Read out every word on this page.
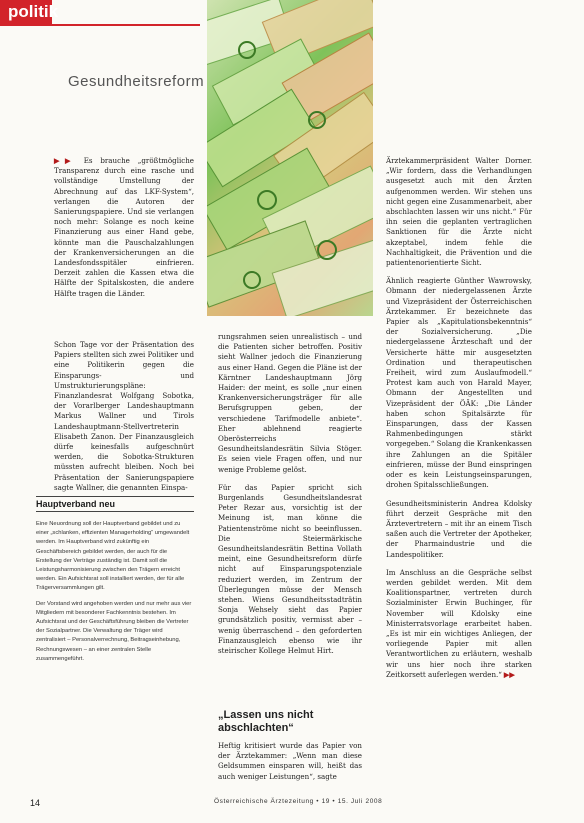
politik
Gesundheitsreform

▶▶ Es brauche „größtmögliche Transparenz durch eine rasche und vollständige Umstellung der Abrechnung auf das LKF-System“, verlangen die Autoren der Sanierungspapiere. Und sie verlangen noch mehr: Solange es noch keine Finanzierung aus einer Hand gebe, könnte man die Pauschalzahlungen der Krankenversicherungen an die Landesfondsspitäler einfrieren. Derzeit zahlen die Kassen etwa die Hälfte der Spitalskosten, die andere Hälfte tragen die Länder.

Schon Tage vor der Präsentation des Papiers stellten sich zwei Politiker und eine Politikerin gegen die Einsparungs- und Umstrukturierungspläne: Finanzlandesrat Wolfgang Sobotka, der Vorarlberger Landeshauptmann Markus Wallner und Tirols Landeshauptmann-Stellvertreterin Elisabeth Zanon. Der Finanzausgleich dürfe keinesfalls aufgeschnürt werden, die Sobotka-Strukturen müssten aufrecht bleiben. Noch bei Präsentation der Sanierungspapiere sagte Wallner, die genannten Einspa-

Hauptverband neu

Eine Neuordnung soll der Hauptverband gebildet und zu einer „schlanken, effizienten Managerholding“ umgewandelt werden. Im Hauptverband wird zukünftig ein Geschäftsbereich gebildet werden, der auch für die Erstellung der Verträge zuständig ist. Damit soll die Leistungsharmonisierung zwischen den Trägern erreicht werden. Ein Aufsichtsrat soll installiert werden, der für alle Trägerversammlungen gilt.

Der Vorstand wird angehoben werden und nur mehr aus vier Mitgliedern mit besonderer Fachkenntnis bestehen. Im Aufsichtsrat und der Geschäftsführung bleiben die Vertreter der Sozialpartner. Die Verwaltung der Träger wird zentralisiert – Personalverrechnung, Beitragseinhebung, Rechnungswesen – an einer zentralen Stelle zusammengeführt.

rungsrahmen seien unrealistisch – und die Patienten sicher betroffen. Positiv sieht Wallner jedoch die Finanzierung aus einer Hand. Gegen die Pläne ist der Kärntner Landeshauptmann Jörg Haider: der meint, es solle „nur einen Krankenversicherungsträger für alle Berufsgruppen geben, der verschiedene Tarifmodelle anbiete“. Eher ablehnend reagierte Oberösterreichs Gesundheitslandesrätin Silvia Stöger. Es seien viele Fragen offen, und nur wenige Probleme gelöst.

Für das Papier spricht sich Burgenlands Gesundheitslandesrat Peter Rezar aus, vorsichtig ist der Meinung ist, man könne die Patientenströme nicht so beeinflussen. Die Steiermärkische Gesundheitslandesrätin Bettina Vollath meint, eine Gesundheitsreform dürfe nicht auf Einsparungspotenziale reduziert werden, im Zentrum der Überlegungen müsse der Mensch stehen. Wiens Gesundheitsstadträtin Sonja Wehsely sieht das Papier grundsätzlich positiv, vermisst aber – wenig überraschend – den geforderten Finanzausgleich ebenso wie ihr steirischer Kollege Helmut Hirt.

„Lassen uns nicht abschlachten“

Heftig kritisiert wurde das Papier von der Ärztekammer: „Wenn man diese Geldsummen einsparen will, heißt das auch weniger Leistungen“, sagte

Ärztekammerpräsident Walter Dorner. „Wir fordern, dass die Verhandlungen ausgesetzt auch mit den Ärzten aufgenommen werden. Wir stehen uns nicht gegen eine Zusammenarbeit, aber abschlachten lassen wir uns nicht.“ Für ihn seien die geplanten vertraglichen Sanktionen für die Ärzte nicht akzeptabel, indem fehle die Nachhaltigkeit, die Prävention und die patientenorientierte Sicht.

Ähnlich reagierte Günther Wawrowsky, Obmann der niedergelassenen Ärzte und Vizepräsident der Österreichischen Ärztekammer. Er bezeichnete das Papier als „Kapitulationsbekenntnis“ der Sozialversicherung. „Die niedergelassene Ärzteschaft und der Versicherte hätte mir ausgesetzten Ordination und therapeutischen Freiheit, wird zum Auslaufmodell.“ Protest kam auch von Harald Mayer, Obmann der Angestellten und Vizepräsident der ÖÄK: „Die Länder haben schon Spitalsärzte für Einsparungen, dass der Kassen Rahmenbedingungen stärkt vorgegeben.“ Solang die Krankenkassen ihre Zahlungen an die Spitäler einfrieren, müsse der Bund einspringen oder es kein Leistungseinsparungen, drohen Spitalsschließungen.

Gesundheitsministerin Andrea Kdolsky führt derzeit Gespräche mit den Ärztevertretern – mit ihr an einem Tisch saßen auch die Vertreter der Apotheker, der Pharmaindustrie und die Landespolitiker.

Im Anschluss an die Gespräche selbst werden gebildet werden. Mit dem Koalitionspartner, vertreten durch Sozialminister Erwin Buchinger, für November will Kdolsky eine Ministerratsvorlage erarbeitet haben. „Es ist mir ein wichtiges Anliegen, der vorliegende Papier mit allen Verantwortlichen zu erläutern, weshalb wir uns hier noch ihre starken Zeitkorsett auferlegen werden.“ ▶▶

14	Österreichische Ärztezeitung • 19 • 15. Juli 2008
